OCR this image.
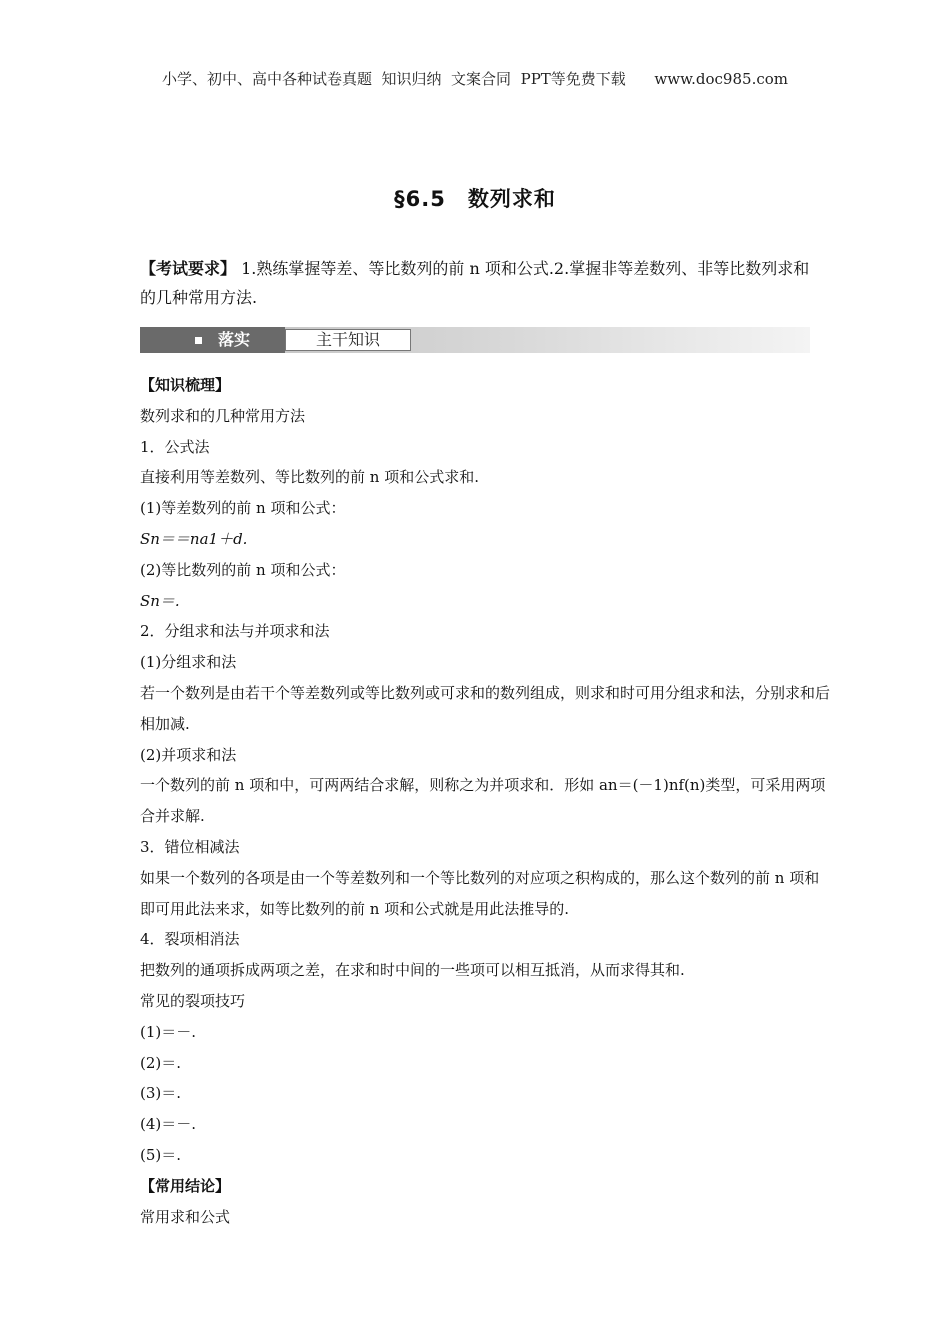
小学、初中、高中各种试卷真题  知识归纳  文案合同  PPT等免费下载      www.doc985.com
§6.5　数列求和
【考试要求】 1.熟练掌握等差、等比数列的前 n 项和公式.2.掌握非等差数列、非等比数列求和的几种常用方法.
落实	主干知识
【知识梳理】
数列求和的几种常用方法
1．公式法
直接利用等差数列、等比数列的前 n 项和公式求和.
(1)等差数列的前 n 项和公式：
Sn＝＝na1＋d.
(2)等比数列的前 n 项和公式：
Sn＝.
2．分组求和法与并项求和法
(1)分组求和法
若一个数列是由若干个等差数列或等比数列或可求和的数列组成，则求和时可用分组求和法，分别求和后相加减.
(2)并项求和法
一个数列的前 n 项和中，可两两结合求解，则称之为并项求和．形如 an＝(－1)nf(n)类型，可采用两项合并求解.
3．错位相减法
如果一个数列的各项是由一个等差数列和一个等比数列的对应项之积构成的，那么这个数列的前 n 项和即可用此法来求，如等比数列的前 n 项和公式就是用此法推导的.
4．裂项相消法
把数列的通项拆成两项之差，在求和时中间的一些项可以相互抵消，从而求得其和.
常见的裂项技巧
(1)＝－.
(2)＝.
(3)＝.
(4)＝－.
(5)＝.
【常用结论】
常用求和公式
